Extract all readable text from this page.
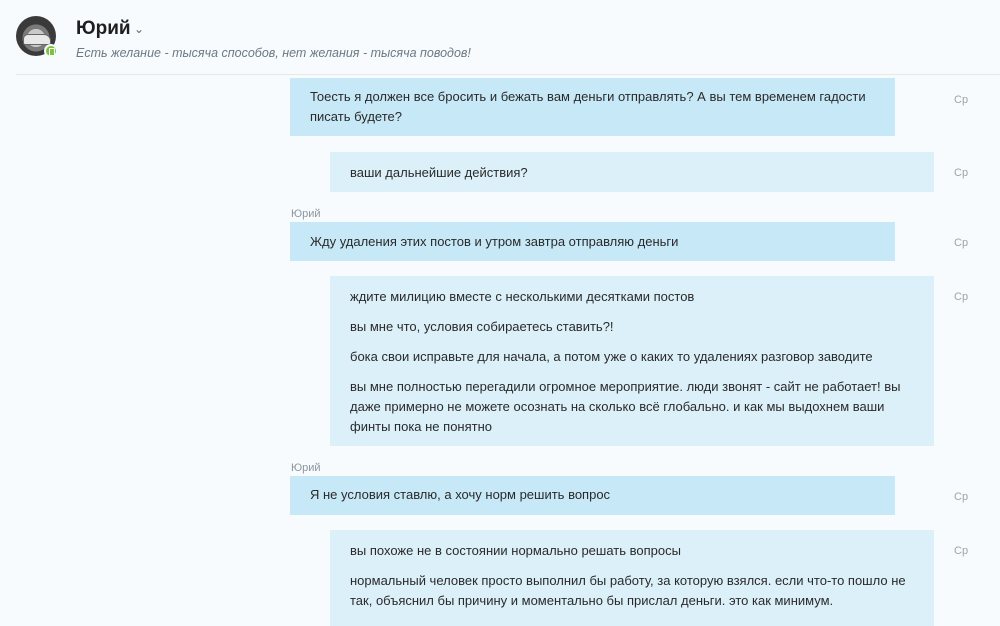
Юрий ⌄
Есть желание - тысяча способов, нет желания - тысяча поводов!

Тоесть я должен все бросить и бежать вам деньги отправлять? А вы тем временем гадости писать будете?

Ср

ваши дальнейшие действия?	Ср
Юрий

Жду удаления этих постов и утром завтра отправляю деньги	Ср

ждите милицию вместе с несколькими десятками постов

вы мне что, условия собираетесь ставить?!

бока свои исправьте для начала, а потом уже о каких то удалениях разговор заводите

вы мне полностью перегадили огромное мероприятие. люди звонят - сайт не работает! вы даже примерно не можете осознать на сколько всё глобально. и как мы выдохнем ваши финты пока не понятно

Ср
Юрий

Я не условия ставлю, а хочу норм решить вопрос	Ср

вы похоже не в состоянии нормально решать вопросы

нормальный человек просто выполнил бы работу, за которую взялся. если что-то пошло не так, объяснил бы причину и моментально бы прислал деньги. это как минимум.

Ср
